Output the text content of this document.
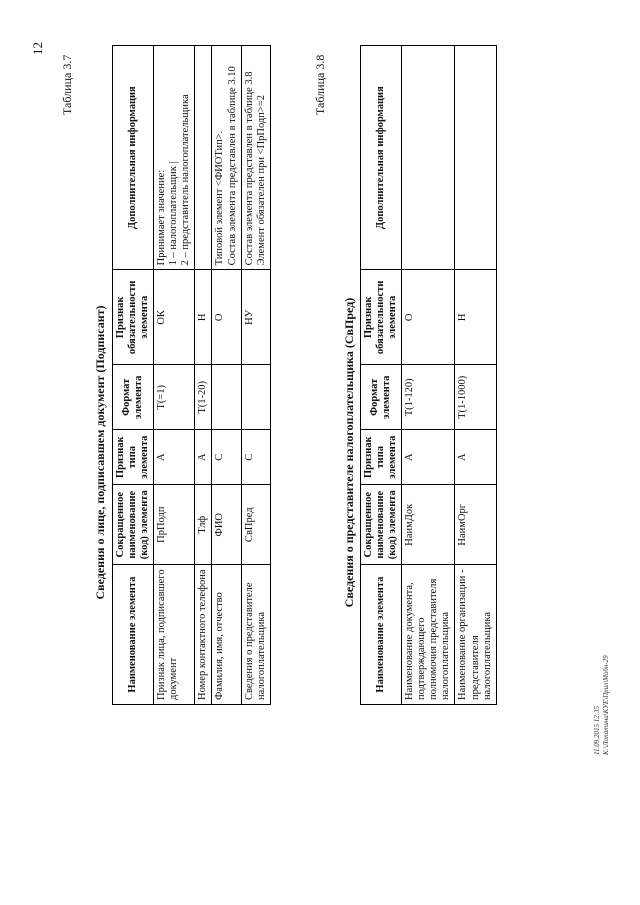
12
Таблица 3.7
Сведения о лице, подписавшем документ (Подписант)
Наименование элемента	Сокращенное наименование (код) элемента	Признак типа элемента	Формат элемента	Признак обязательности элемента	Дополнительная информация
Признак лица, подписавшего документ	ПрПодп	А	T(=1)	ОК	Принимает значение:
1 – налогоплательщик |
2 – представитель налогоплательщика
Номер контактного телефона	Тлф	А	T(1-20)	Н	
Фамилия, имя, отчество	ФИО	С		О	Типовой элемент <ФИОТип>.
Состав элемента представлен в таблице 3.10
Сведения о представителе налогоплательщика	СвПред	С		НУ	Состав элемента представлен в таблице 3.8
Элемент обязателен при <ПрПодп>=2
Таблица 3.8
Сведения о представителе налогоплательщика (СвПред)
Наименование элемента	Сокращенное наименование (код) элемента	Признак типа элемента	Формат элемента	Признак обязательности элемента	Дополнительная информация
Наименование документа, подтверждающего полномочия представителя налогоплательщика	НаимДок	А	T(1-120)	О	
Наименование организации - представителя налогоплательщика	НаимОрг	А	T(1-1000)	Н	
11.09.2015 12:35 К:\Лопатина\КУЕ\Прил\Мобн-29
